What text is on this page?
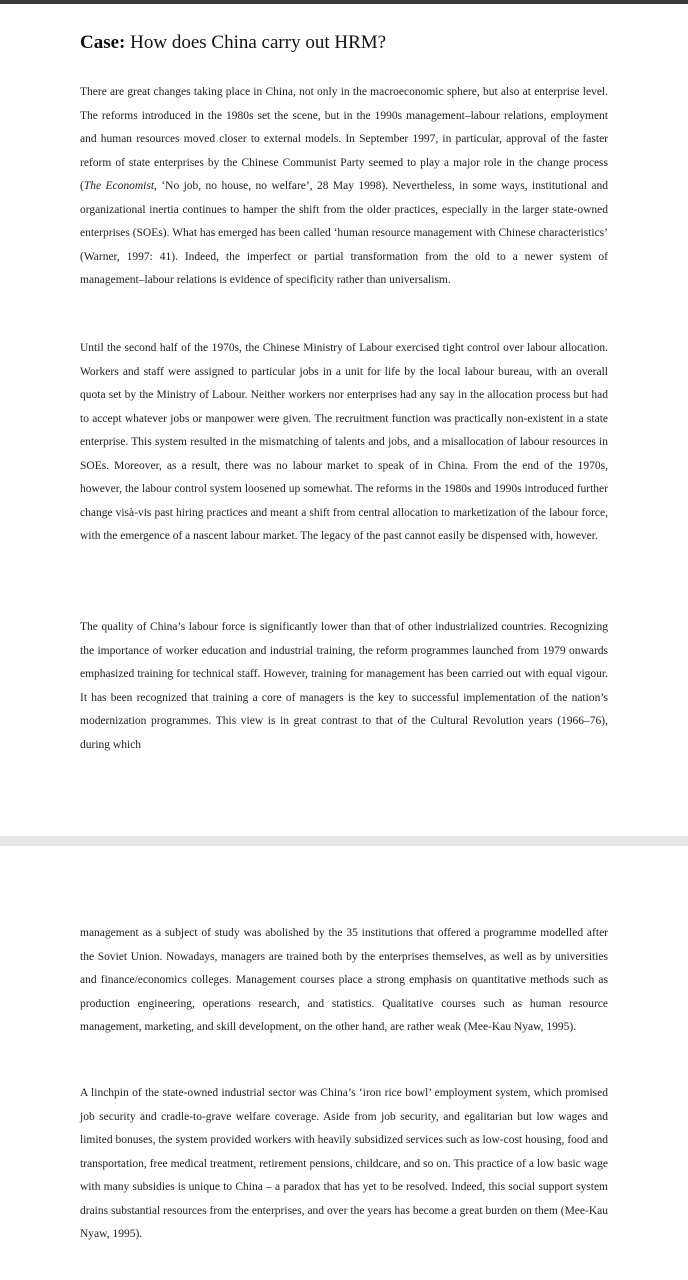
Case: How does China carry out HRM?

There are great changes taking place in China, not only in the macroeconomic sphere, but also at enterprise level. The reforms introduced in the 1980s set the scene, but in the 1990s management–labour relations, employment and human resources moved closer to external models. In September 1997, in particular, approval of the faster reform of state enterprises by the Chinese Communist Party seemed to play a major role in the change process (The Economist, ‘No job, no house, no welfare’, 28 May 1998). Nevertheless, in some ways, institutional and organizational inertia continues to hamper the shift from the older practices, especially in the larger state-owned enterprises (SOEs). What has emerged has been called ‘human resource management with Chinese characteristics’ (Warner, 1997: 41). Indeed, the imperfect or partial transformation from the old to a newer system of management–labour relations is evidence of specificity rather than universalism.

Until the second half of the 1970s, the Chinese Ministry of Labour exercised tight control over labour allocation. Workers and staff were assigned to particular jobs in a unit for life by the local labour bureau, with an overall quota set by the Ministry of Labour. Neither workers nor enterprises had any say in the allocation process but had to accept whatever jobs or manpower were given. The recruitment function was practically non-existent in a state enterprise. This system resulted in the mismatching of talents and jobs, and a misallocation of labour resources in SOEs. Moreover, as a result, there was no labour market to speak of in China. From the end of the 1970s, however, the labour control system loosened up somewhat. The reforms in the 1980s and 1990s introduced further change visà-vis past hiring practices and meant a shift from central allocation to marketization of the labour force, with the emergence of a nascent labour market. The legacy of the past cannot easily be dispensed with, however.

The quality of China’s labour force is significantly lower than that of other industrialized countries. Recognizing the importance of worker education and industrial training, the reform programmes launched from 1979 onwards emphasized training for technical staff. However, training for management has been carried out with equal vigour. It has been recognized that training a core of managers is the key to successful implementation of the nation’s modernization programmes. This view is in great contrast to that of the Cultural Revolution years (1966–76), during which

management as a subject of study was abolished by the 35 institutions that offered a programme modelled after the Soviet Union. Nowadays, managers are trained both by the enterprises themselves, as well as by universities and finance/economics colleges. Management courses place a strong emphasis on quantitative methods such as production engineering, operations research, and statistics. Qualitative courses such as human resource management, marketing, and skill development, on the other hand, are rather weak (Mee-Kau Nyaw, 1995).

A linchpin of the state-owned industrial sector was China’s ‘iron rice bowl’ employment system, which promised job security and cradle-to-grave welfare coverage. Aside from job security, and egalitarian but low wages and limited bonuses, the system provided workers with heavily subsidized services such as low-cost housing, food and transportation, free medical treatment, retirement pensions, childcare, and so on. This practice of a low basic wage with many subsidies is unique to China – a paradox that has yet to be resolved. Indeed, this social support system drains substantial resources from the enterprises, and over the years has become a great burden on them (Mee-Kau Nyaw, 1995).
